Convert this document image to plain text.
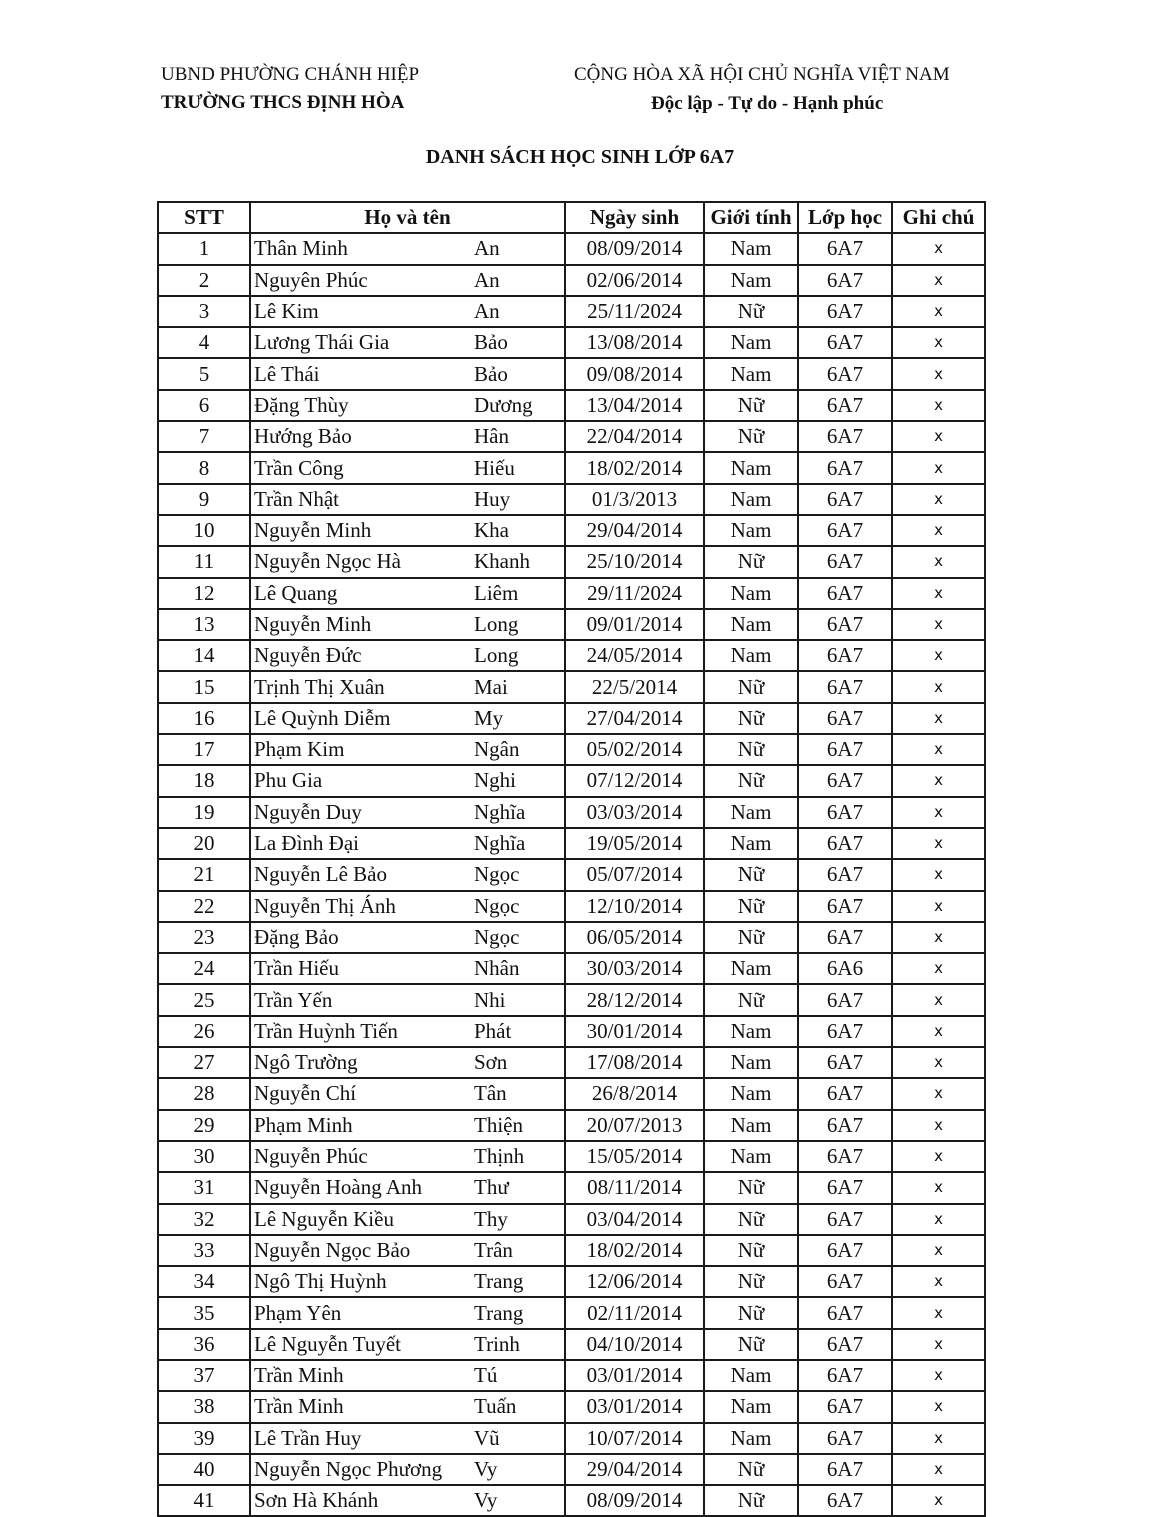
UBND PHƯỜNG CHÁNH HIỆP
TRƯỜNG THCS ĐỊNH HÒA
CỘNG HÒA XÃ HỘI CHỦ NGHĨA VIỆT NAM
Độc lập - Tự do - Hạnh phúc
DANH SÁCH HỌC SINH LỚP 6A7
STT	Họ và tên		Ngày sinh	Giới tính	Lớp học	Ghi chú
1	Thân Minh	An	08/09/2014	Nam	6A7	x
2	Nguyên Phúc	An	02/06/2014	Nam	6A7	x
3	Lê Kim	An	25/11/2024	Nữ	6A7	x
4	Lương Thái Gia	Bảo	13/08/2014	Nam	6A7	x
5	Lê Thái	Bảo	09/08/2014	Nam	6A7	x
6	Đặng Thùy	Dương	13/04/2014	Nữ	6A7	x
7	Hướng Bảo	Hân	22/04/2014	Nữ	6A7	x
8	Trần Công	Hiếu	18/02/2014	Nam	6A7	x
9	Trần Nhật	Huy	01/3/2013	Nam	6A7	x
10	Nguyễn Minh	Kha	29/04/2014	Nam	6A7	x
11	Nguyễn Ngọc Hà	Khanh	25/10/2014	Nữ	6A7	x
12	Lê Quang	Liêm	29/11/2024	Nam	6A7	x
13	Nguyễn Minh	Long	09/01/2014	Nam	6A7	x
14	Nguyễn Đức	Long	24/05/2014	Nam	6A7	x
15	Trịnh Thị Xuân	Mai	22/5/2014	Nữ	6A7	x
16	Lê Quỳnh Diễm	My	27/04/2014	Nữ	6A7	x
17	Phạm Kim	Ngân	05/02/2014	Nữ	6A7	x
18	Phu Gia	Nghi	07/12/2014	Nữ	6A7	x
19	Nguyễn Duy	Nghĩa	03/03/2014	Nam	6A7	x
20	La Đình Đại	Nghĩa	19/05/2014	Nam	6A7	x
21	Nguyễn Lê Bảo	Ngọc	05/07/2014	Nữ	6A7	x
22	Nguyễn Thị Ánh	Ngọc	12/10/2014	Nữ	6A7	x
23	Đặng Bảo	Ngọc	06/05/2014	Nữ	6A7	x
24	Trần Hiếu	Nhân	30/03/2014	Nam	6A6	x
25	Trần Yến	Nhi	28/12/2014	Nữ	6A7	x
26	Trần Huỳnh Tiến	Phát	30/01/2014	Nam	6A7	x
27	Ngô Trường	Sơn	17/08/2014	Nam	6A7	x
28	Nguyễn Chí	Tân	26/8/2014	Nam	6A7	x
29	Phạm Minh	Thiện	20/07/2013	Nam	6A7	x
30	Nguyễn Phúc	Thịnh	15/05/2014	Nam	6A7	x
31	Nguyễn Hoàng Anh	Thư	08/11/2014	Nữ	6A7	x
32	Lê Nguyễn Kiều	Thy	03/04/2014	Nữ	6A7	x
33	Nguyễn Ngọc Bảo	Trân	18/02/2014	Nữ	6A7	x
34	Ngô Thị Huỳnh	Trang	12/06/2014	Nữ	6A7	x
35	Phạm Yên	Trang	02/11/2014	Nữ	6A7	x
36	Lê Nguyễn Tuyết	Trinh	04/10/2014	Nữ	6A7	x
37	Trần Minh	Tú	03/01/2014	Nam	6A7	x
38	Trần Minh	Tuấn	03/01/2014	Nam	6A7	x
39	Lê Trần Huy	Vũ	10/07/2014	Nam	6A7	x
40	Nguyễn Ngọc Phương	Vy	29/04/2014	Nữ	6A7	x
41	Sơn Hà Khánh	Vy	08/09/2014	Nữ	6A7	x
